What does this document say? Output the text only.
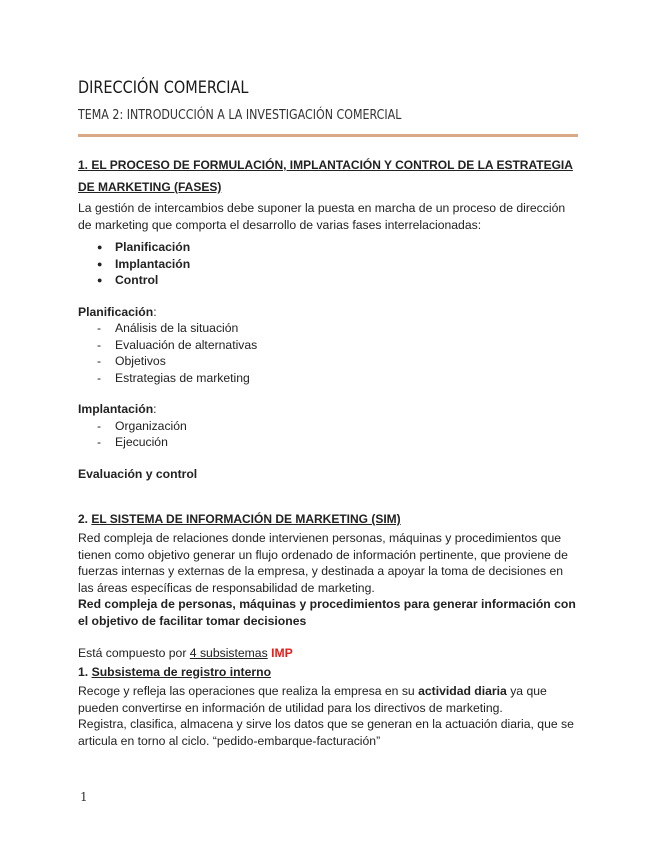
DIRECCIÓN COMERCIAL
TEMA 2: INTRODUCCIÓN A LA INVESTIGACIÓN COMERCIAL

1. EL PROCESO DE FORMULACIÓN, IMPLANTACIÓN Y CONTROL DE LA ESTRATEGIA DE MARKETING (FASES)

La gestión de intercambios debe suponer la puesta en marcha de un proceso de dirección de marketing que comporta el desarrollo de varias fases interrelacionadas:

● Planificación
● Implantación
● Control

Planificación:

- Análisis de la situación
- Evaluación de alternativas
- Objetivos
- Estrategias de marketing

Implantación:

- Organización
- Ejecución

Evaluación y control

2. EL SISTEMA DE INFORMACIÓN DE MARKETING (SIM)

Red compleja de relaciones donde intervienen personas, máquinas y procedimientos que tienen como objetivo generar un flujo ordenado de información pertinente, que proviene de fuerzas internas y externas de la empresa, y destinada a apoyar la toma de decisiones en las áreas específicas de responsabilidad de marketing.

Red compleja de personas, máquinas y procedimientos para generar información con el objetivo de facilitar tomar decisiones

Está compuesto por 4 subsistemas IMP

1. Subsistema de registro interno

Recoge y refleja las operaciones que realiza la empresa en su actividad diaria ya que pueden convertirse en información de utilidad para los directivos de marketing.

Registra, clasifica, almacena y sirve los datos que se generan en la actuación diaria, que se articula en torno al ciclo. “pedido-embarque-facturación”

1
